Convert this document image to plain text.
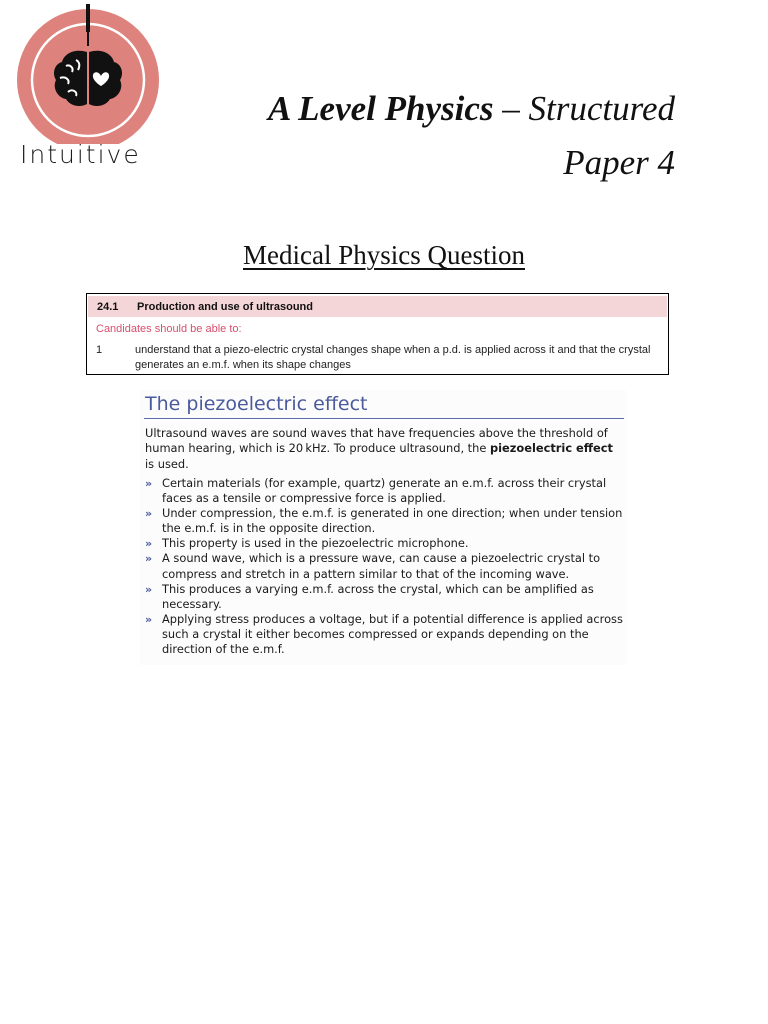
Intuitive
A Level Physics – Structured
Paper 4
Medical Physics Question
24.1 Production and use of ultrasound
Candidates should be able to:
1	understand that a piezo-electric crystal changes shape when a p.d. is applied across it and that the crystal generates an e.m.f. when its shape changes
The piezoelectric effect
Ultrasound waves are sound waves that have frequencies above the threshold of human hearing, which is 20 kHz. To produce ultrasound, the piezoelectric effect is used.
» Certain materials (for example, quartz) generate an e.m.f. across their crystal faces as a tensile or compressive force is applied.
» Under compression, the e.m.f. is generated in one direction; when under tension the e.m.f. is in the opposite direction.
» This property is used in the piezoelectric microphone.
» A sound wave, which is a pressure wave, can cause a piezoelectric crystal to compress and stretch in a pattern similar to that of the incoming wave.
» This produces a varying e.m.f. across the crystal, which can be amplified as necessary.
» Applying stress produces a voltage, but if a potential difference is applied across such a crystal it either becomes compressed or expands depending on the direction of the e.m.f.
